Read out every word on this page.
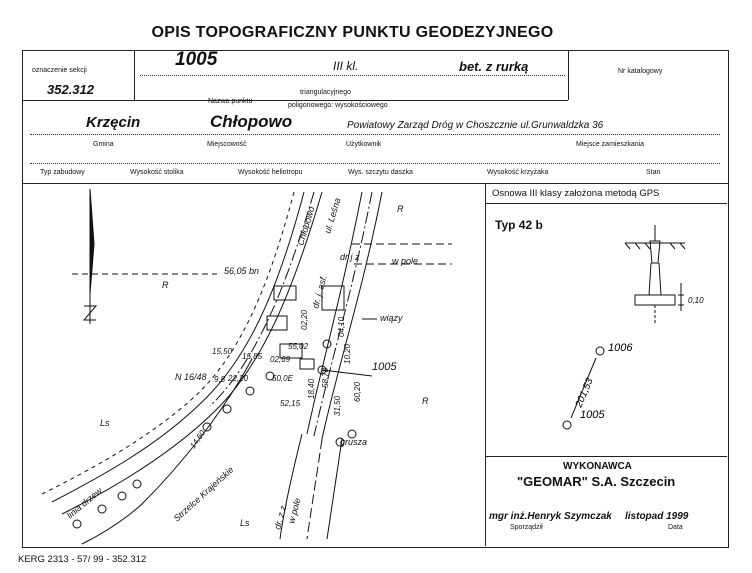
OPIS TOPOGRAFICZNY PUNKTU GEODEZYJNEGO
oznaczenie sekcji
352.312
1005	III kl.	bet. z rurką	Nr katalogowy
Nazwa punktu
triangulacyjnego
poligonowego: wysokościowego
Krzęcin	Chłopowo	Powiatowy Zarząd Dróg w Choszcznie ul.Grunwaldzka 36
Gmina	Miejscowość	Użytkownik	Miejsce zamieszkania
Typ zabudowy	Wysokość stolika	Wysokość heliotropu	Wys. szczytu daszka	Wysokość krzyżaka	Stan
Osnowa III klasy założona metodą GPS
Typ 42 b
0,10
1006
1005
201,53
WYKONAWCA
"GEOMAR" S.A. Szczecin
mgr inż.Henryk Szymczak listopad 1999
Sporządził	Data
R
R
R
Ls
Ls
56,05 bn
Chłopowo ul. Leśna
dr j z	w pole
dr. j. asf.
wiązy
N 16/48
grusza
linia drzew	Strzelce Krajeńskie	dr. z.z.
w pole
1005
15,50
15,85 02,69
55,02
9,8 22,20	50,0E
52,15
02,20	04,10
10,20
18,40
31,50
60,20
58,78
14,60
KERG 2313 - 57/ 99 - 352.312
